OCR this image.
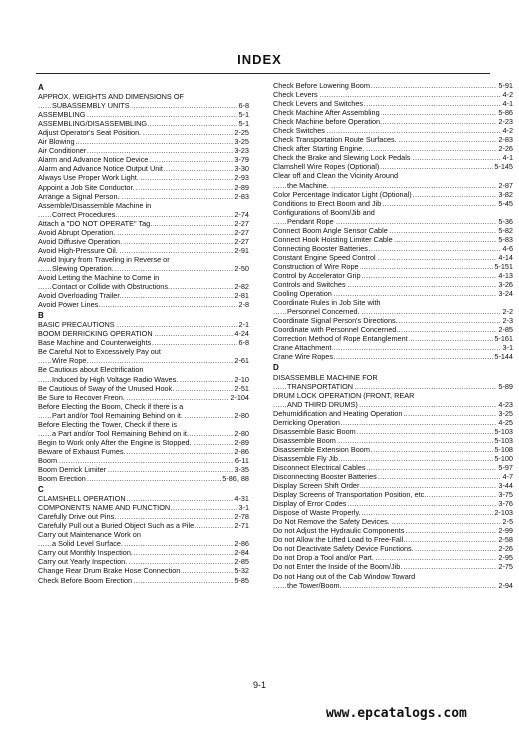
INDEX
A
APPROX. WEIGHTS AND DIMENSIONS OF
..... SUBASSEMBLY UNITS	6-8
..... ASSEMBLING	5-1
..... ASSEMBLING/DISASSEMBLING	5-1
..... Adjust Operator's Seat Position.	2-25
..... Air Blowing	3-25
..... Air Conditioner	3-23
..... Alarm and Advance Notice Device	3-79
..... Alarm and Advance Notice Output Unit	3-30
..... Always Use Proper Work Light.	2-93
..... Appoint a Job Site Conductor.	2-89
..... Arrange a Signal Person.	2-83
Assemble/Disassemble Machine in
..... Correct Procedures.	2-74
..... Attach a "DO NOT OPERATE" Tag.	2-27
..... Avoid Abrupt Operation.	2-27
..... Avoid Diffusive Operation.	2-27
..... Avoid High-Pressure Oil.	2-91
Avoid Injury from Traveling in Reverse or
..... Slewing Operation.	2-50
Avoid Letting the Machine to Come in
..... Contact or Collide with Obstructions.	2-82
..... Avoid Overloading Trailer.	2-81
..... Avoid Power Lines.	2-8
B
..... BASIC PRECAUTIONS	2-1
..... BOOM DERRICKING OPERATION	4-24
..... Base Machine and Counterweights	6-8
Be Careful Not to Excessively Pay out
..... Wire Rope.	2-61
Be Cautious about Electrification
..... Induced by High Voltage Radio Waves.	2-10
..... Be Cautious of Sway of the Unused Hook.	2-51
..... Be Sure to Recover Freon.	2-104
Before Electing the Boom, Check if there is a
..... Part and/or Tool Remaining Behind on it.	2-80
Before Electing the Tower, Check if there is
..... a Part and/or Tool Remaining Behind on it.	2-80
..... Begin to Work only After the Engine is Stopped.	2-89
..... Beware of Exhaust Fumes.	2-86
..... Boom	6-11
..... Boom Derrick Limiter	3-35
..... Boom Erection	5-86, 88
C
..... CLAMSHELL OPERATION	4-31
..... COMPONENTS NAME AND FUNCTION	3-1
..... Carefully Drive out Pins.	2-78
..... Carefully Pull out a Buried Object Such as a Pile.	2-71
Carry out Maintenance Work on
..... a Solid Level Surface.	2-86
..... Carry out Monthly Inspection.	2-84
..... Carry out Yearly Inspection.	2-85
..... Change Rear Drum Brake Hose Connection	5-32
..... Check Before Boom Erection	5-85
..... Check Before Lowering Boom	5-91
..... Check Levers	4-2
..... Check Levers and Switches	4-1
..... Check Machine After Assembling	5-86
..... Check Machine before Operation.	2-23
..... Check Switches	4-2
..... Check Transportation Route Surfaces.	2-83
..... Check after Starting Engine.	2-26
..... Check the Brake and Slewing Lock Pedals	4-1
..... Clamshell Wire Ropes (Optional)	5-145
Clear off and Clean the Vicinity Around
..... the Machine.	2-87
..... Color Percentage Indicator Light (Optional)	3-82
..... Conditions to Erect Boom and Jib	5-45
Configurations of Boom/Jib and
..... Pendant Rope	5-36
..... Connect Boom Angle Sensor Cable	5-82
..... Connect Hook Hoisting Limiter Cable	5-83
..... Connecting Booster Batteries	4-6
..... Constant Engine Speed Control	4-14
..... Construction of Wire Rope	5-151
..... Control by Accelerator Grip	4-13
..... Controls and Switches	3-26
..... Cooling Operation	3-24
Coordinate Rules in Job Site with
..... Personnel Concerned.	2-2
..... Coordinate Signal Person's Directions.	2-3
..... Coordinate with Personnel Concerned.	2-85
..... Correction Method of Rope Entanglement	5-161
..... Crane Attachment	3-1
..... Crane Wire Ropes	5-144
D
DISASSEMBLE MACHINE FOR
..... TRANSPORTATION	5-89
DRUM LOCK OPERATION (FRONT, REAR
..... AND THIRD DRUMS)	4-23
..... Dehumidification and Heating Operation	3-25
..... Derricking Operation	4-25
..... Disassemble Basic Boom	5-103
..... Disassemble Boom	5-103
..... Disassemble Extension Boom	5-108
..... Disassemble Fly Jib	5-100
..... Disconnect Electrical Cables	5-97
..... Disconnecting Booster Batteries	4-7
..... Display Screen Shift Order	3-44
..... Display Screens of Transportation Position, etc.	3-75
..... Display of Error Codes	3-76
..... Dispose of Waste Properly.	2-103
..... Do Not Remove the Safety Devices.	2-5
..... Do not Adjust the Hydraulic Components	2-99
..... Do not Allow the Lifted Load to Free-Fall	2-58
..... Do not Deactivate Safety Device Functions.	2-26
..... Do not Drop a Tool and/or Part.	2-95
..... Do not Enter the Inside of the Boom/Jib.	2-75
Do not Hang out of the Cab Window Toward
..... the Tower/Boom.	2-94
9-1
www.epcatalogs.com
